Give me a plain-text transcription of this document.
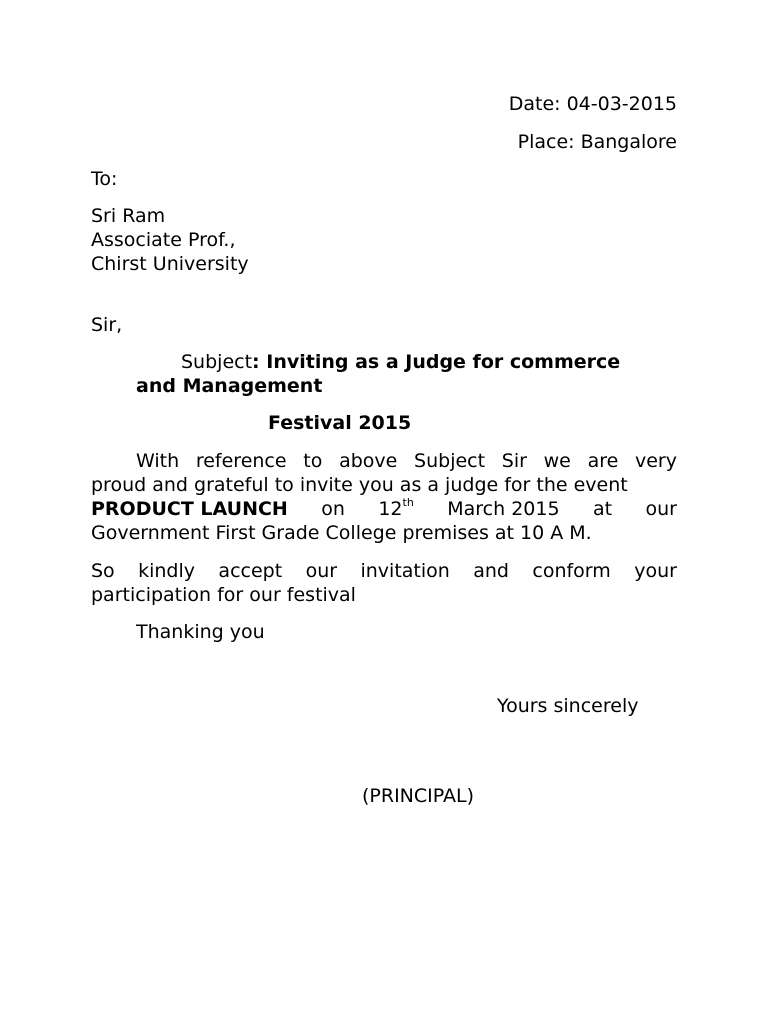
Date: 04-03-2015
Place: Bangalore
To:
Sri Ram
Associate Prof.,
Chirst University
Sir,
Subject: Inviting as a Judge for commerce
and Management
Festival 2015
With reference to above Subject Sir we are very
proud and grateful to invite you as a judge for the event
PRODUCT LAUNCH on 12th March 2015 at our
Government First Grade College premises at 10 A M.
So kindly accept our invitation and conform your
participation for our festival
Thanking you
Yours sincerely
(PRINCIPAL)
